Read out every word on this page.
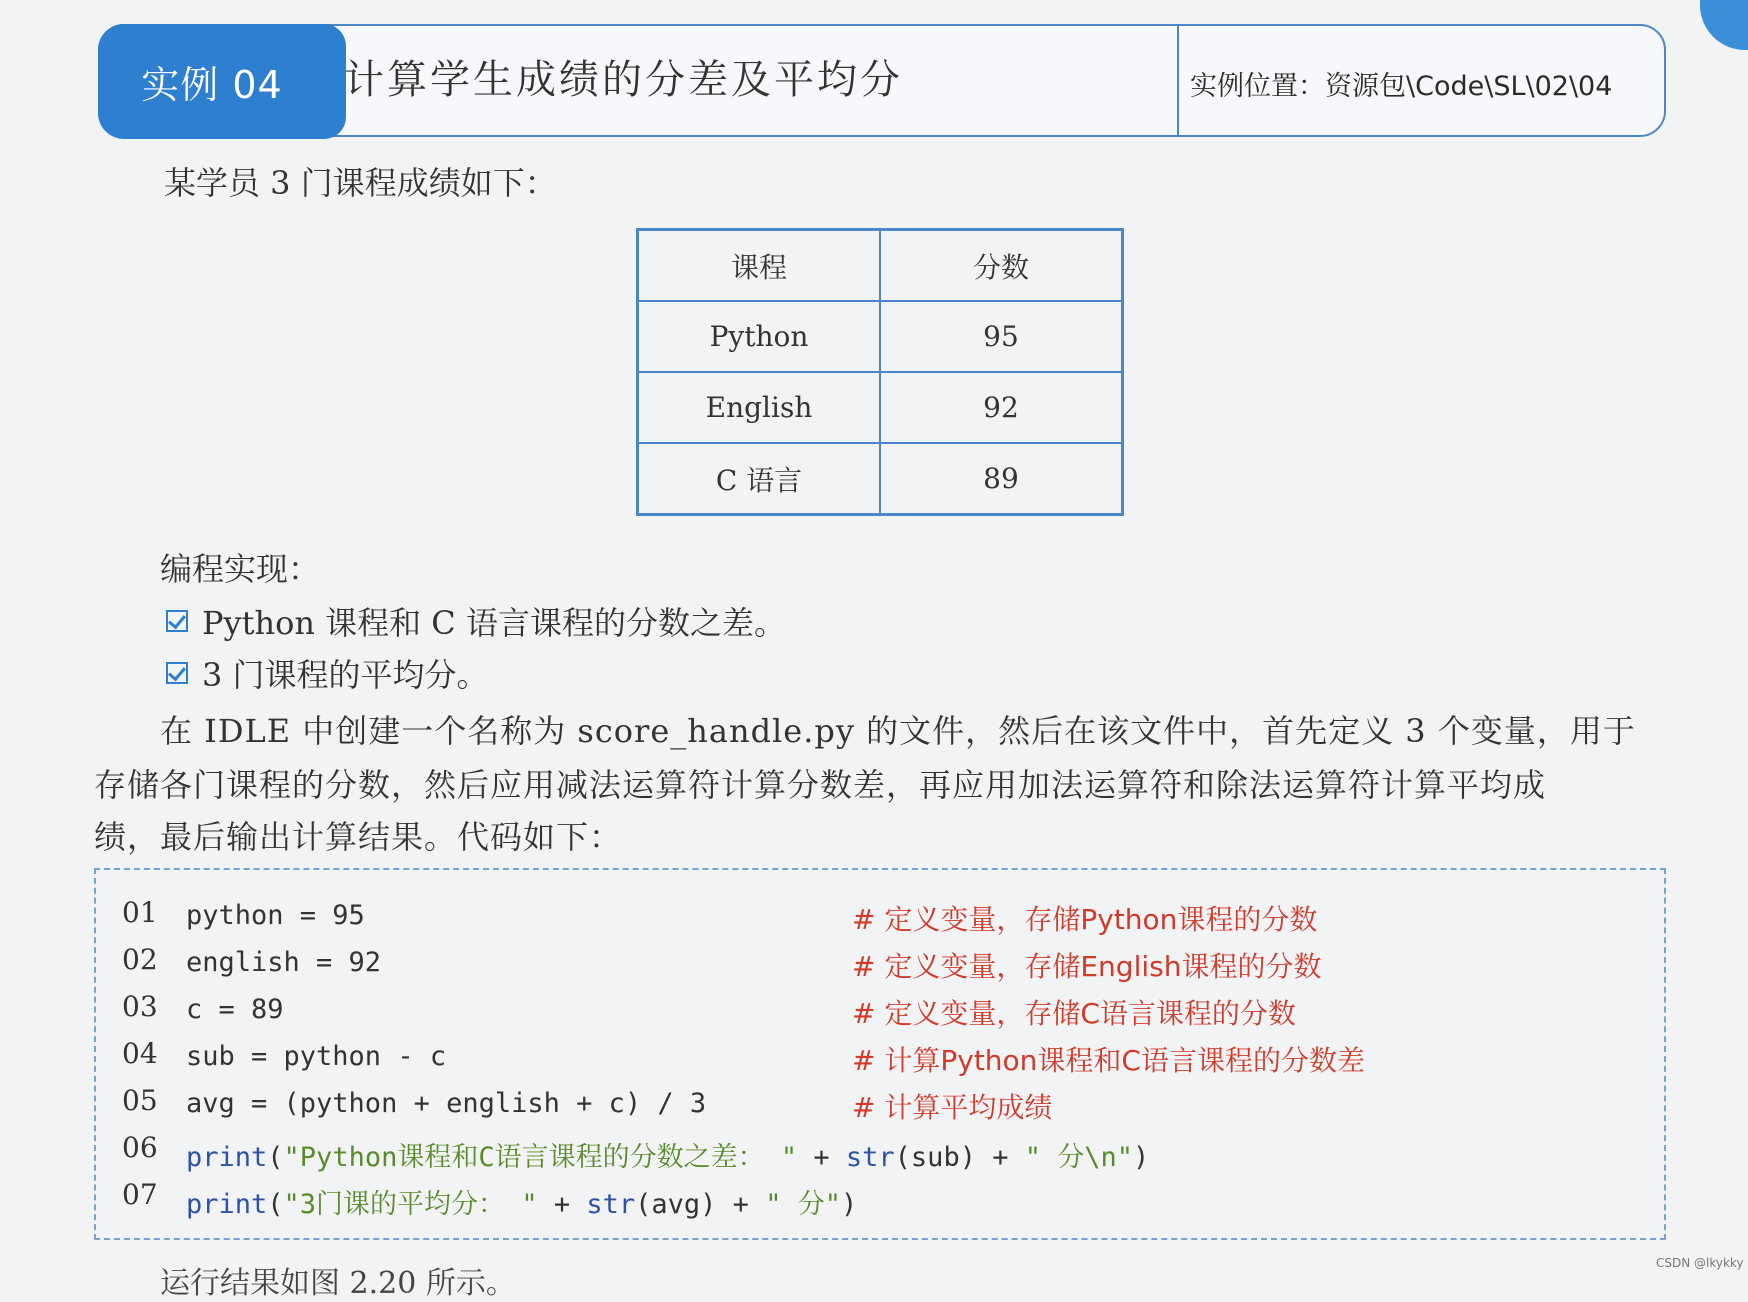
实例 04	计算学生成绩的分差及平均分	实例位置：资源包\Code\SL\02\04
某学员 3 门课程成绩如下：
课程	分数
Python	95
English	92
C 语言	89
编程实现：
Python 课程和 C 语言课程的分数之差。
3 门课程的平均分。
在 IDLE 中创建一个名称为 score_handle.py 的文件，然后在该文件中，首先定义 3 个变量，用于
存储各门课程的分数，然后应用减法运算符计算分数差，再应用加法运算符和除法运算符计算平均成
绩，最后输出计算结果。代码如下：
01 python = 95	# 定义变量，存储Python课程的分数
02 english = 92	# 定义变量，存储English课程的分数
03 c = 89	# 定义变量，存储C语言课程的分数
04 sub = python - c	# 计算Python课程和C语言课程的分数差
05 avg = (python + english + c) / 3	# 计算平均成绩
06 print("Python课程和C语言课程的分数之差： " + str(sub) + " 分\n")
07 print("3门课的平均分： " + str(avg) + " 分")
运行结果如图 2.20 所示。
CSDN @lkykky
